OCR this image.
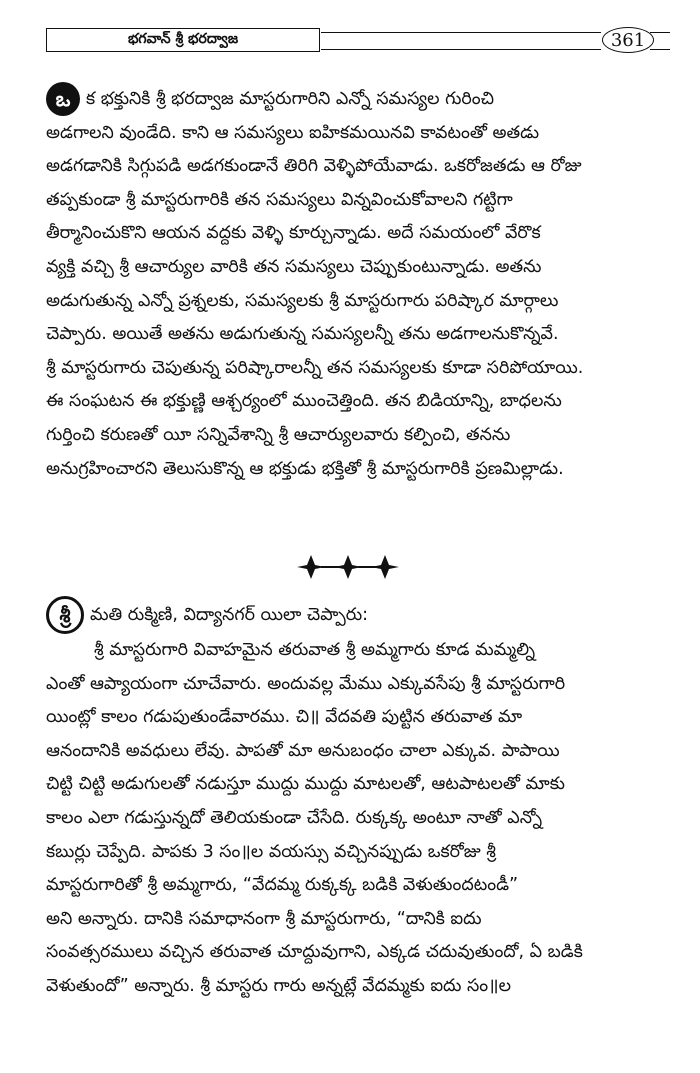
భగవాన్ శ్రీ భరద్వాజ	361
ఒ క భక్తునికి శ్రీ భరద్వాజ మాస్టరుగారిని ఎన్నో సమస్యల గురించి
అడగాలని వుండేది. కాని ఆ సమస్యలు ఐహికమయినవి కావటంతో అతడు
అడగడానికి సిగ్గుపడి అడగకుండానే తిరిగి వెళ్ళిపోయేవాడు. ఒకరోజతడు ఆ రోజు
తప్పకుండా శ్రీ మాస్టరుగారికి తన సమస్యలు విన్నవించుకోవాలని గట్టిగా
తీర్మానించుకొని ఆయన వద్దకు వెళ్ళి కూర్చున్నాడు. అదే సమయంలో వేరొక
వ్యక్తి వచ్చి శ్రీ ఆచార్యుల వారికి తన సమస్యలు చెప్పుకుంటున్నాడు. అతను
అడుగుతున్న ఎన్నో ప్రశ్నలకు, సమస్యలకు శ్రీ మాస్టరుగారు పరిష్కార మార్గాలు
చెప్పారు. అయితే అతను అడుగుతున్న సమస్యలన్నీ తను అడగాలనుకొన్నవే.
శ్రీ మాస్టరుగారు చెపుతున్న పరిష్కారాలన్నీ తన సమస్యలకు కూడా సరిపోయాయి.
ఈ సంఘటన ఈ భక్తుణ్ణి ఆశ్చర్యంలో ముంచెత్తింది. తన బిడియాన్ని, బాధలను
గుర్తించి కరుణతో యీ సన్నివేశాన్ని శ్రీ ఆచార్యులవారు కల్పించి, తనను
అనుగ్రహించారని తెలుసుకొన్న ఆ భక్తుడు భక్తితో శ్రీ మాస్టరుగారికి ప్రణమిల్లాడు.
శ్రీ మతి రుక్మిణి, విద్యానగర్ యిలా చెప్పారు:
శ్రీ మాస్టరుగారి వివాహమైన తరువాత శ్రీ అమ్మగారు కూడ మమ్మల్ని
ఎంతో ఆప్యాయంగా చూచేవారు. అందువల్ల మేము ఎక్కువసేపు శ్రీ మాస్టరుగారి
యింట్లో కాలం గడుపుతుండేవారము. చి॥ వేదవతి పుట్టిన తరువాత మా
ఆనందానికి అవధులు లేవు. పాపతో మా అనుబంధం చాలా ఎక్కువ. పాపాయి
చిట్టి చిట్టి అడుగులతో నడుస్తూ ముద్దు ముద్దు మాటలతో, ఆటపాటలతో మాకు
కాలం ఎలా గడుస్తున్నదో తెలియకుండా చేసేది. రుక్కక్క అంటూ నాతో ఎన్నో
కబుర్లు చెప్పేది. పాపకు 3 సం॥ల వయస్సు వచ్చినప్పుడు ఒకరోజు శ్రీ
మాస్టరుగారితో శ్రీ అమ్మగారు, “వేదమ్మ రుక్కక్క బడికి వెళుతుందటండీ”
అని అన్నారు. దానికి సమాధానంగా శ్రీ మాస్టరుగారు, “దానికి ఐదు
సంవత్సరములు వచ్చిన తరువాత చూద్దువుగాని, ఎక్కడ చదువుతుందో, ఏ బడికి
వెళుతుందో” అన్నారు. శ్రీ మాస్టరు గారు అన్నట్లే వేదమ్మకు ఐదు సం॥ల
